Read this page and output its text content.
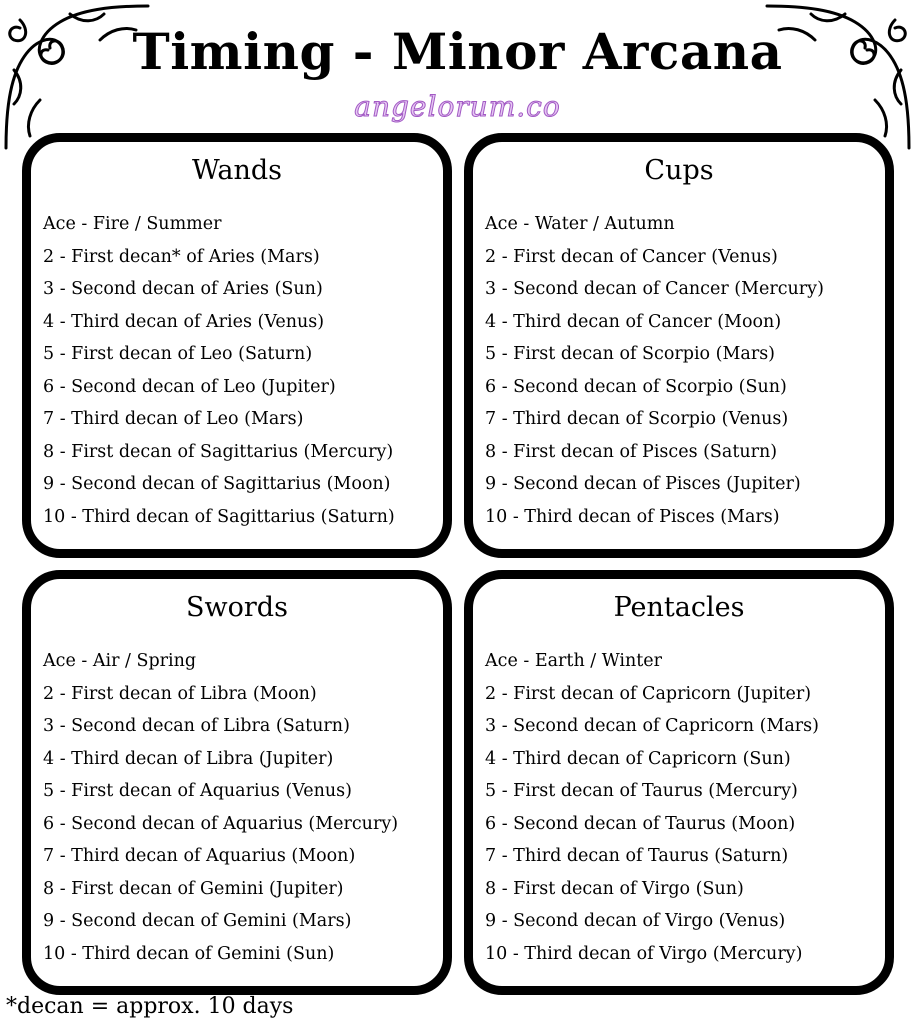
Timing - Minor Arcana
angelorum.co
Wands
Ace - Fire / Summer
2 - First decan* of Aries (Mars)
3 - Second decan of Aries (Sun)
4 - Third decan of Aries (Venus)
5 - First decan of Leo (Saturn)
6 - Second decan of Leo (Jupiter)
7 - Third decan of Leo (Mars)
8 - First decan of Sagittarius (Mercury)
9 - Second decan of Sagittarius (Moon)
10 - Third decan of Sagittarius (Saturn)
Cups
Ace - Water / Autumn
2 - First decan of Cancer (Venus)
3 - Second decan of Cancer (Mercury)
4 - Third decan of Cancer (Moon)
5 - First decan of Scorpio (Mars)
6 - Second decan of Scorpio (Sun)
7 - Third decan of Scorpio (Venus)
8 - First decan of Pisces (Saturn)
9 - Second decan of Pisces (Jupiter)
10 - Third decan of Pisces (Mars)
Swords
Ace - Air / Spring
2 - First decan of Libra (Moon)
3 - Second decan of Libra (Saturn)
4 - Third decan of Libra (Jupiter)
5 - First decan of Aquarius (Venus)
6 - Second decan of Aquarius (Mercury)
7 - Third decan of Aquarius (Moon)
8 - First decan of Gemini (Jupiter)
9 - Second decan of Gemini (Mars)
10 - Third decan of Gemini (Sun)
Pentacles
Ace - Earth / Winter
2 - First decan of Capricorn (Jupiter)
3 - Second decan of Capricorn (Mars)
4 - Third decan of Capricorn (Sun)
5 - First decan of Taurus (Mercury)
6 - Second decan of Taurus (Moon)
7 - Third decan of Taurus (Saturn)
8 - First decan of Virgo (Sun)
9 - Second decan of Virgo (Venus)
10 - Third decan of Virgo (Mercury)
*decan = approx. 10 days
